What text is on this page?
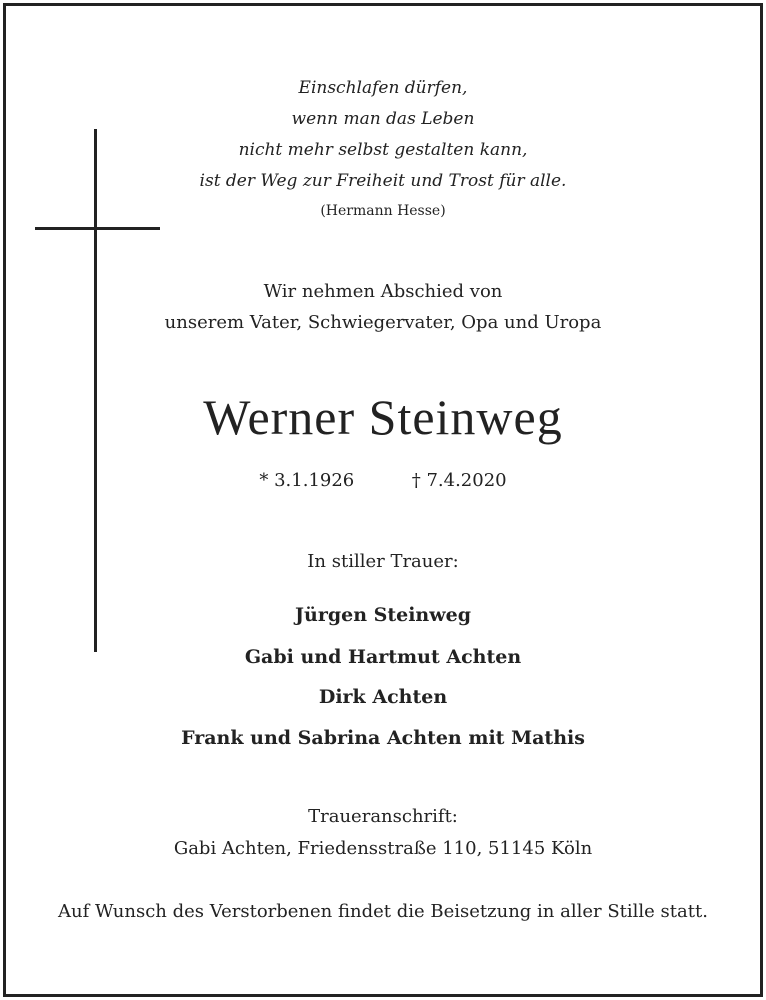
Einschlafen dürfen,
wenn man das Leben
nicht mehr selbst gestalten kann,
ist der Weg zur Freiheit und Trost für alle.
(Hermann Hesse)
Wir nehmen Abschied von
unserem Vater, Schwiegervater, Opa und Uropa
Werner Steinweg
* 3.1.1926	† 7.4.2020
In stiller Trauer:
Jürgen Steinweg
Gabi und Hartmut Achten
Dirk Achten
Frank und Sabrina Achten mit Mathis
Traueranschrift:
Gabi Achten, Friedensstraße 110, 51145 Köln
Auf Wunsch des Verstorbenen findet die Beisetzung in aller Stille statt.
